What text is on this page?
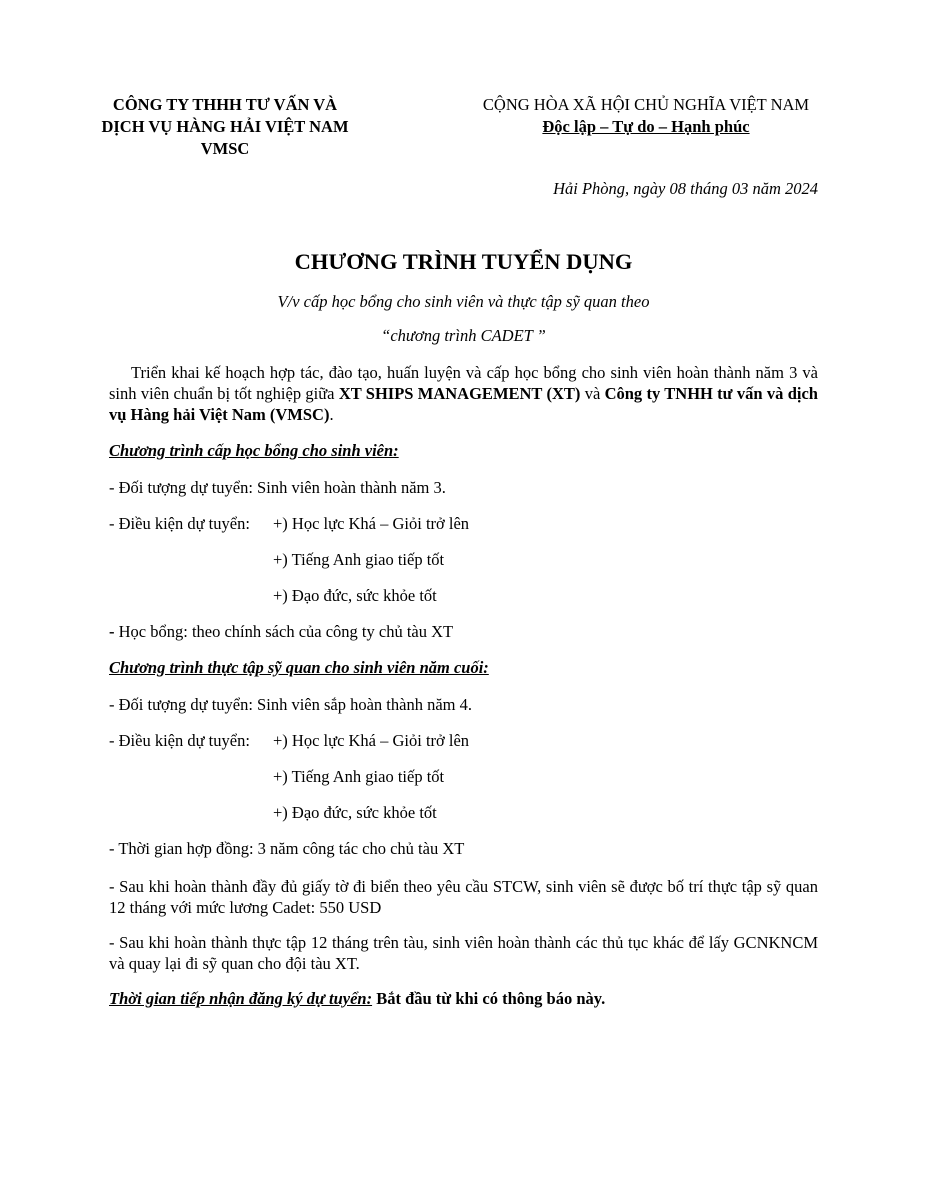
CÔNG TY THHH TƯ VẤN VÀ
DỊCH VỤ HÀNG HẢI VIỆT NAM
VMSC
CỘNG HÒA XÃ HỘI CHỦ NGHĨA VIỆT NAM
Độc lập – Tự do – Hạnh phúc
Hải Phòng, ngày 08 tháng 03 năm 2024
CHƯƠNG TRÌNH TUYỂN DỤNG
V/v cấp học bổng cho sinh viên và thực tập sỹ quan theo
“chương trình CADET ”
Triển khai kế hoạch hợp tác, đào tạo, huấn luyện và cấp học bổng cho sinh viên hoàn thành năm 3 và sinh viên chuẩn bị tốt nghiệp giữa XT SHIPS MANAGEMENT (XT) và Công ty TNHH tư vấn và dịch vụ Hàng hải Việt Nam (VMSC).
Chương trình cấp học bổng cho sinh viên:
- Đối tượng dự tuyển: Sinh viên hoàn thành năm 3.
- Điều kiện dự tuyển: +) Học lực Khá – Giỏi trở lên
+) Tiếng Anh giao tiếp tốt
+) Đạo đức, sức khỏe tốt
- Học bổng: theo chính sách của công ty chủ tàu XT
Chương trình thực tập sỹ quan cho sinh viên năm cuối:
- Đối tượng dự tuyển: Sinh viên sắp hoàn thành năm 4.
- Điều kiện dự tuyển: +) Học lực Khá – Giỏi trở lên
+) Tiếng Anh giao tiếp tốt
+) Đạo đức, sức khỏe tốt
- Thời gian hợp đồng: 3 năm công tác cho chủ tàu XT
- Sau khi hoàn thành đầy đủ giấy tờ đi biển theo yêu cầu STCW, sinh viên sẽ được bố trí thực tập sỹ quan 12 tháng với mức lương Cadet: 550 USD
- Sau khi hoàn thành thực tập 12 tháng trên tàu, sinh viên hoàn thành các thủ tục khác để lấy GCNKNCM và quay lại đi sỹ quan cho đội tàu XT.
Thời gian tiếp nhận đăng ký dự tuyển: Bắt đầu từ khi có thông báo này.
